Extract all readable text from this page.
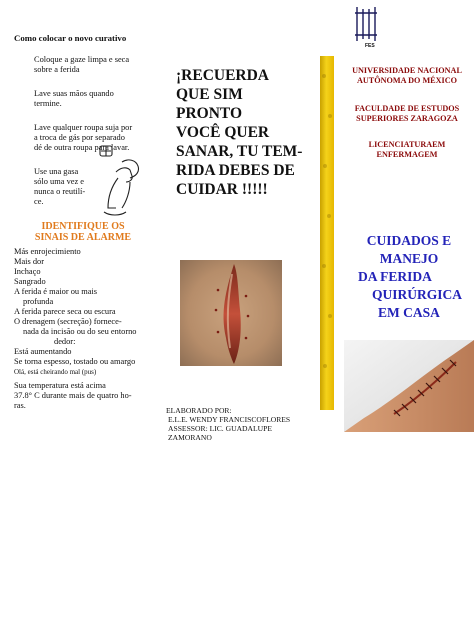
Como colocar o novo curativo
Coloque a gaze limpa e seca
sobre a ferida
Lave suas mãos quando
termine.
Lave qualquer roupa suja por
a troca de gás por separado
dé de outra roupa para lavar.
Use una gasa
sólo uma vez e
nunca o reutilí-
ce.
IDENTIFIQUE OS
SINAIS DE ALARME
Más enrojecimiento
Mais dor
Inchaço
Sangrado
A ferida é maior ou mais
profunda
A ferida parece seca ou escura
O drenagem (secreção) fornece-
nada da incisão ou do seu entorno
dedor:
Está aumentando
Se torna espesso, tostado ou amargo
Olá, está cheirando mal (pus)
Sua temperatura está acima
37.8° C durante mais de quatro ho-
ras.
¡RECUERDA
QUE SIM
PRONTO
VOCÊ QUER
SANAR, TU TEM-
RIDA DEBES DE
CUIDAR !!!!!
ELABORADO POR:
E.L.E. WENDY FRANCISCOFLORES
ASSESSOR: LIC. GUADALUPE ZAMORANO
FES
UNIVERSIDADE NACIONAL
AUTÔNOMA DO MÉXICO
FACULDADE DE ESTUDOS
SUPERIORES ZARAGOZA
LICENCIATURAEM
ENFERMAGEM
CUIDADOS E
MANEJO
DA FERIDA
QUIRÚRGICA
EM CASA
